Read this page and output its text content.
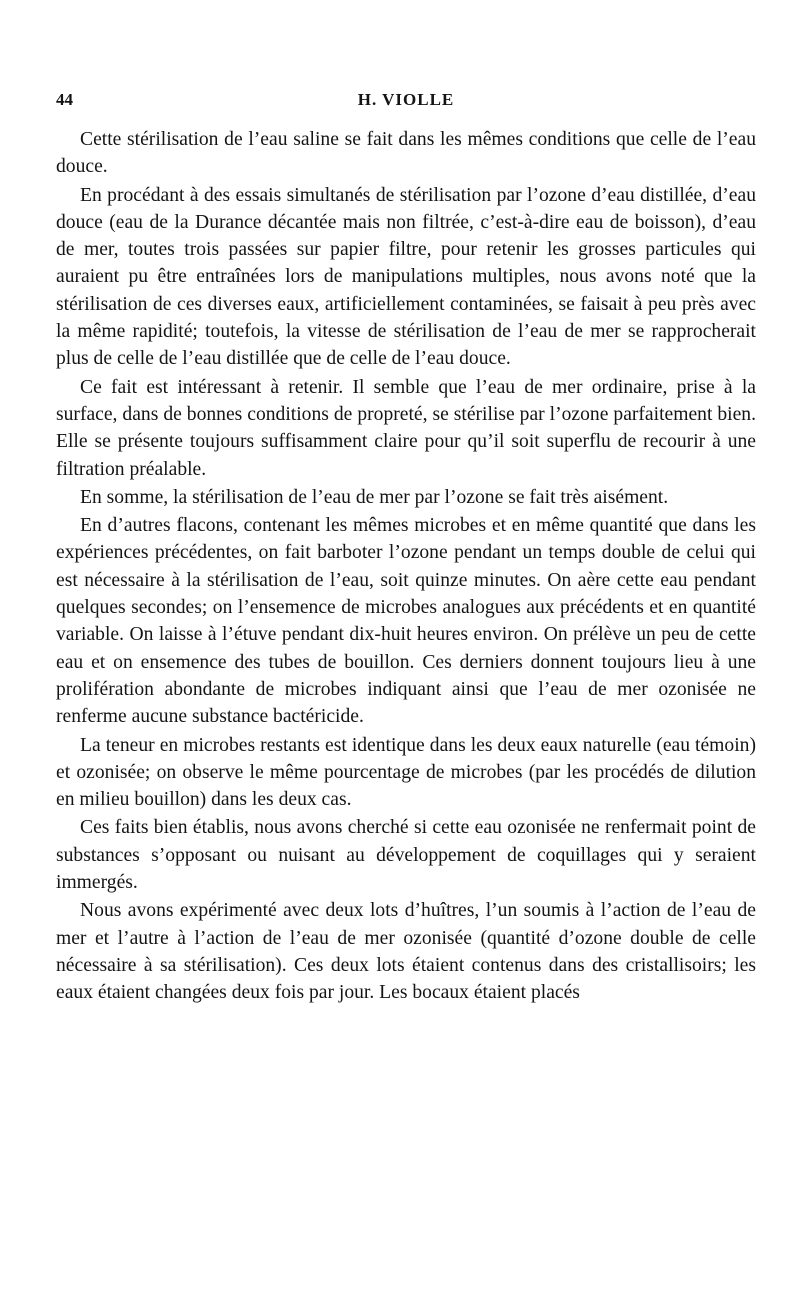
44	H. VIOLLE

Cette stérilisation de l’eau saline se fait dans les mêmes conditions que celle de l’eau douce.

En procédant à des essais simultanés de stérilisation par l’ozone d’eau distillée, d’eau douce (eau de la Durance décantée mais non filtrée, c’est-à-dire eau de boisson), d’eau de mer, toutes trois passées sur papier filtre, pour retenir les grosses particules qui auraient pu être entraînées lors de manipulations multiples, nous avons noté que la stérilisation de ces diverses eaux, artificiellement contaminées, se faisait à peu près avec la même rapidité; toutefois, la vitesse de stérilisation de l’eau de mer se rapprocherait plus de celle de l’eau distillée que de celle de l’eau douce.

Ce fait est intéressant à retenir. Il semble que l’eau de mer ordinaire, prise à la surface, dans de bonnes conditions de propreté, se stérilise par l’ozone parfaitement bien. Elle se présente toujours suffisamment claire pour qu’il soit superflu de recourir à une filtration préalable.

En somme, la stérilisation de l’eau de mer par l’ozone se fait très aisément.

En d’autres flacons, contenant les mêmes microbes et en même quantité que dans les expériences précédentes, on fait barboter l’ozone pendant un temps double de celui qui est nécessaire à la stérilisation de l’eau, soit quinze minutes. On aère cette eau pendant quelques secondes; on l’ensemence de microbes analogues aux précédents et en quantité variable. On laisse à l’étuve pendant dix-huit heures environ. On prélève un peu de cette eau et on ensemence des tubes de bouillon. Ces derniers donnent toujours lieu à une prolifération abondante de microbes indiquant ainsi que l’eau de mer ozonisée ne renferme aucune substance bactéricide.

La teneur en microbes restants est identique dans les deux eaux naturelle (eau témoin) et ozonisée; on observe le même pourcentage de microbes (par les procédés de dilution en milieu bouillon) dans les deux cas.

Ces faits bien établis, nous avons cherché si cette eau ozonisée ne renfermait point de substances s’opposant ou nuisant au développement de coquillages qui y seraient immergés.

Nous avons expérimenté avec deux lots d’huîtres, l’un soumis à l’action de l’eau de mer et l’autre à l’action de l’eau de mer ozonisée (quantité d’ozone double de celle nécessaire à sa stérilisation). Ces deux lots étaient contenus dans des cristallisoirs; les eaux étaient changées deux fois par jour. Les bocaux étaient placés
